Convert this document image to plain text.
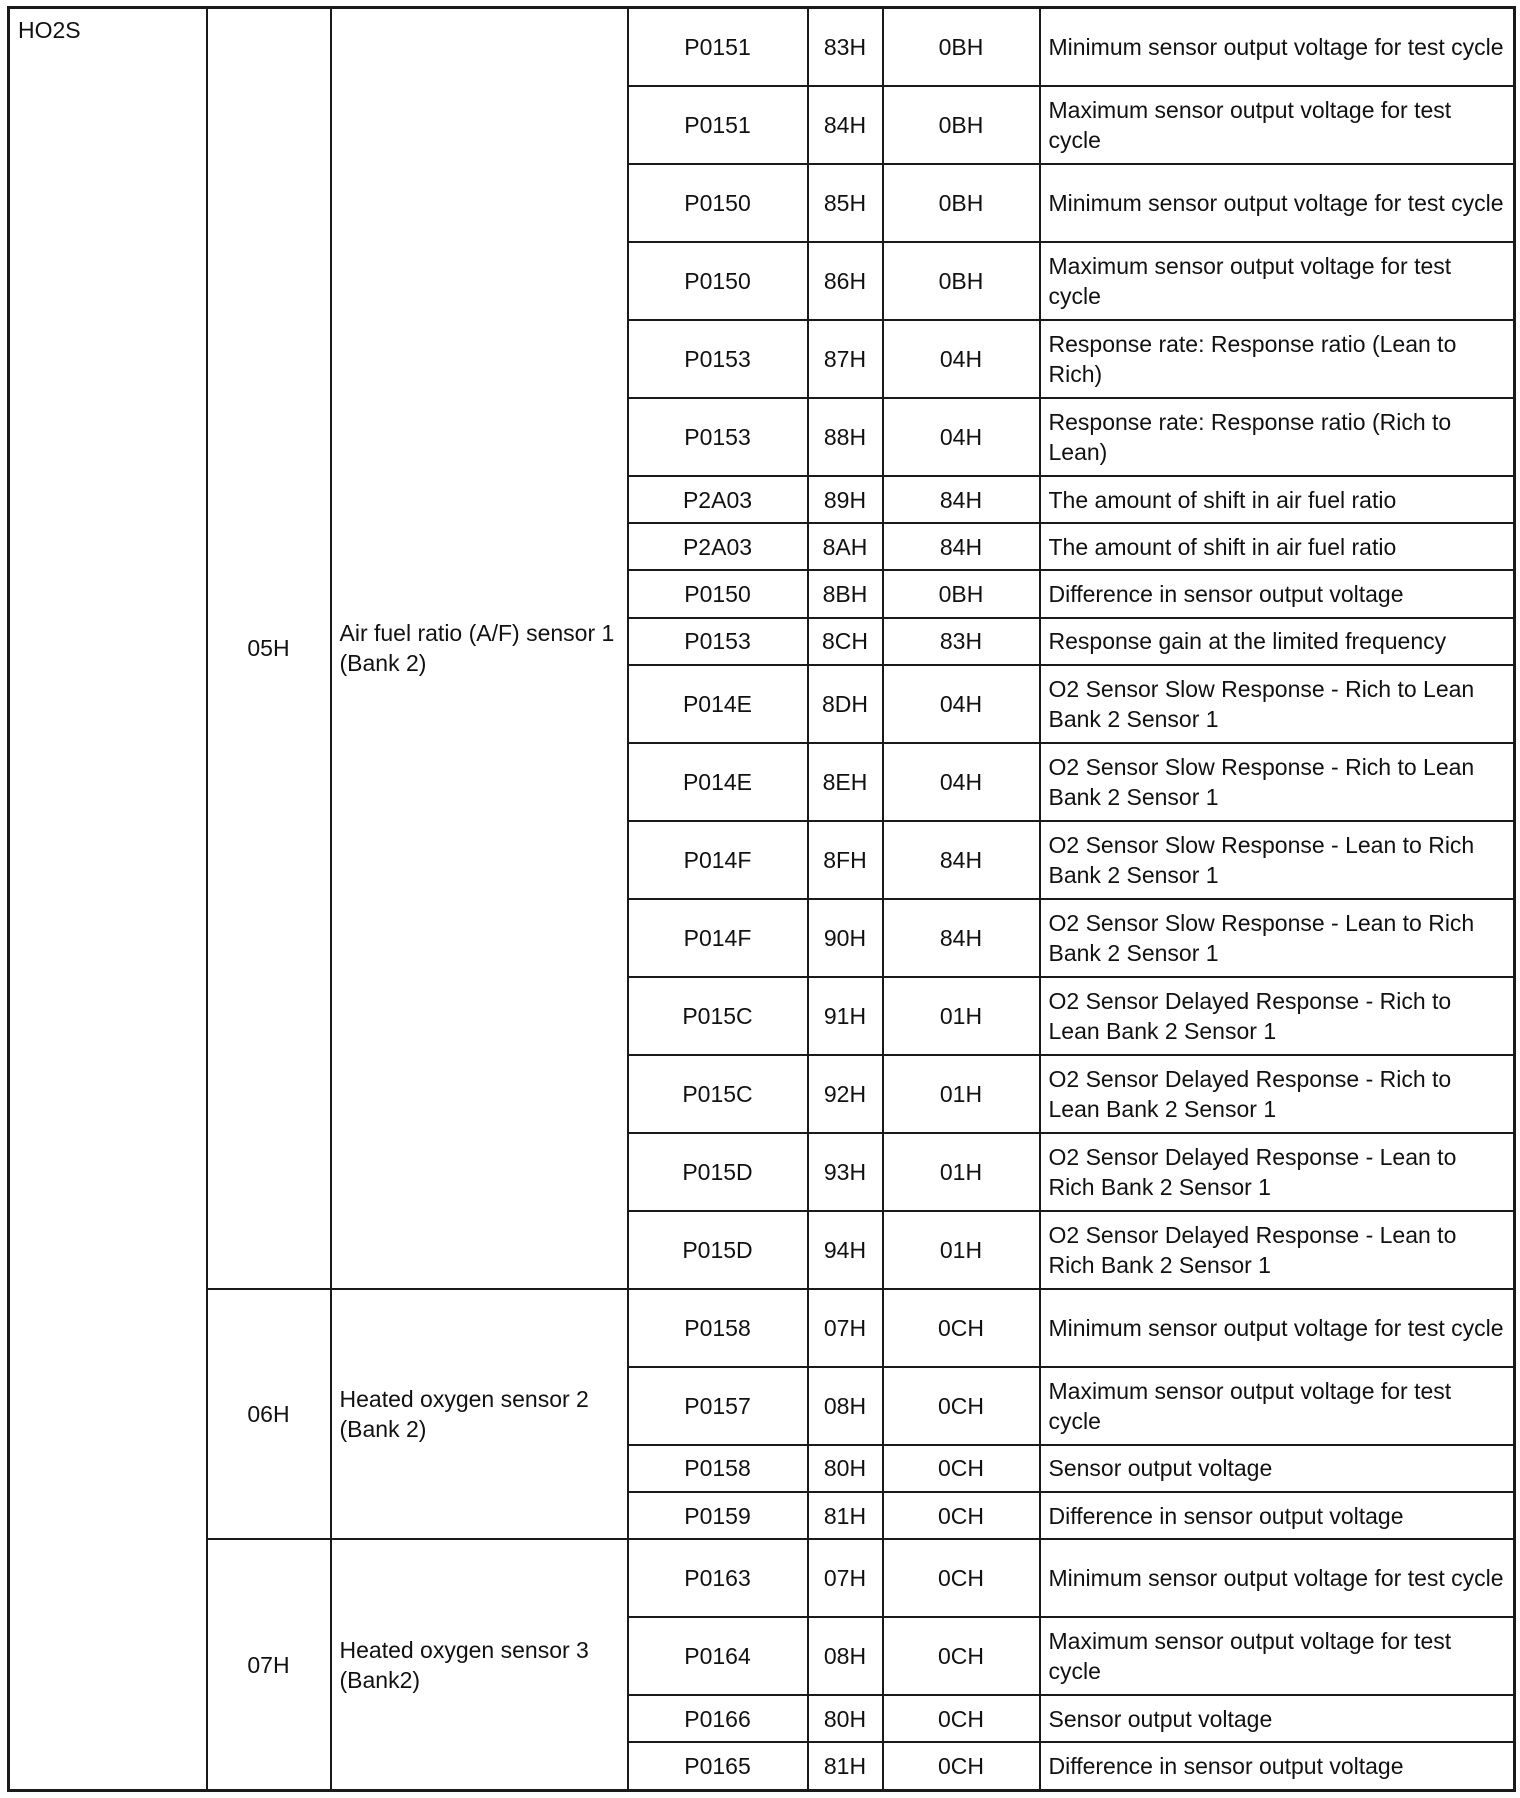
HO2S	05H	Air fuel ratio (A/F) sensor 1 (Bank 2)	P0151	83H	0BH	Minimum sensor output voltage for test cycle
			P0151	84H	0BH	Maximum sensor output voltage for test cycle
			P0150	85H	0BH	Minimum sensor output voltage for test cycle
			P0150	86H	0BH	Maximum sensor output voltage for test cycle
			P0153	87H	04H	Response rate: Response ratio (Lean to Rich)
			P0153	88H	04H	Response rate: Response ratio (Rich to Lean)
			P2A03	89H	84H	The amount of shift in air fuel ratio
			P2A03	8AH	84H	The amount of shift in air fuel ratio
			P0150	8BH	0BH	Difference in sensor output voltage
			P0153	8CH	83H	Response gain at the limited frequency
			P014E	8DH	04H	O2 Sensor Slow Response - Rich to Lean Bank 2 Sensor 1
			P014E	8EH	04H	O2 Sensor Slow Response - Rich to Lean Bank 2 Sensor 1
			P014F	8FH	84H	O2 Sensor Slow Response - Lean to Rich Bank 2 Sensor 1
			P014F	90H	84H	O2 Sensor Slow Response - Lean to Rich Bank 2 Sensor 1
			P015C	91H	01H	O2 Sensor Delayed Response - Rich to Lean Bank 2 Sensor 1
			P015C	92H	01H	O2 Sensor Delayed Response - Rich to Lean Bank 2 Sensor 1
			P015D	93H	01H	O2 Sensor Delayed Response - Lean to Rich Bank 2 Sensor 1
			P015D	94H	01H	O2 Sensor Delayed Response - Lean to Rich Bank 2 Sensor 1
	06H	Heated oxygen sensor 2 (Bank 2)	P0158	07H	0CH	Minimum sensor output voltage for test cycle
			P0157	08H	0CH	Maximum sensor output voltage for test cycle
			P0158	80H	0CH	Sensor output voltage
			P0159	81H	0CH	Difference in sensor output voltage
	07H	Heated oxygen sensor 3 (Bank2)	P0163	07H	0CH	Minimum sensor output voltage for test cycle
			P0164	08H	0CH	Maximum sensor output voltage for test cycle
			P0166	80H	0CH	Sensor output voltage
			P0165	81H	0CH	Difference in sensor output voltage
